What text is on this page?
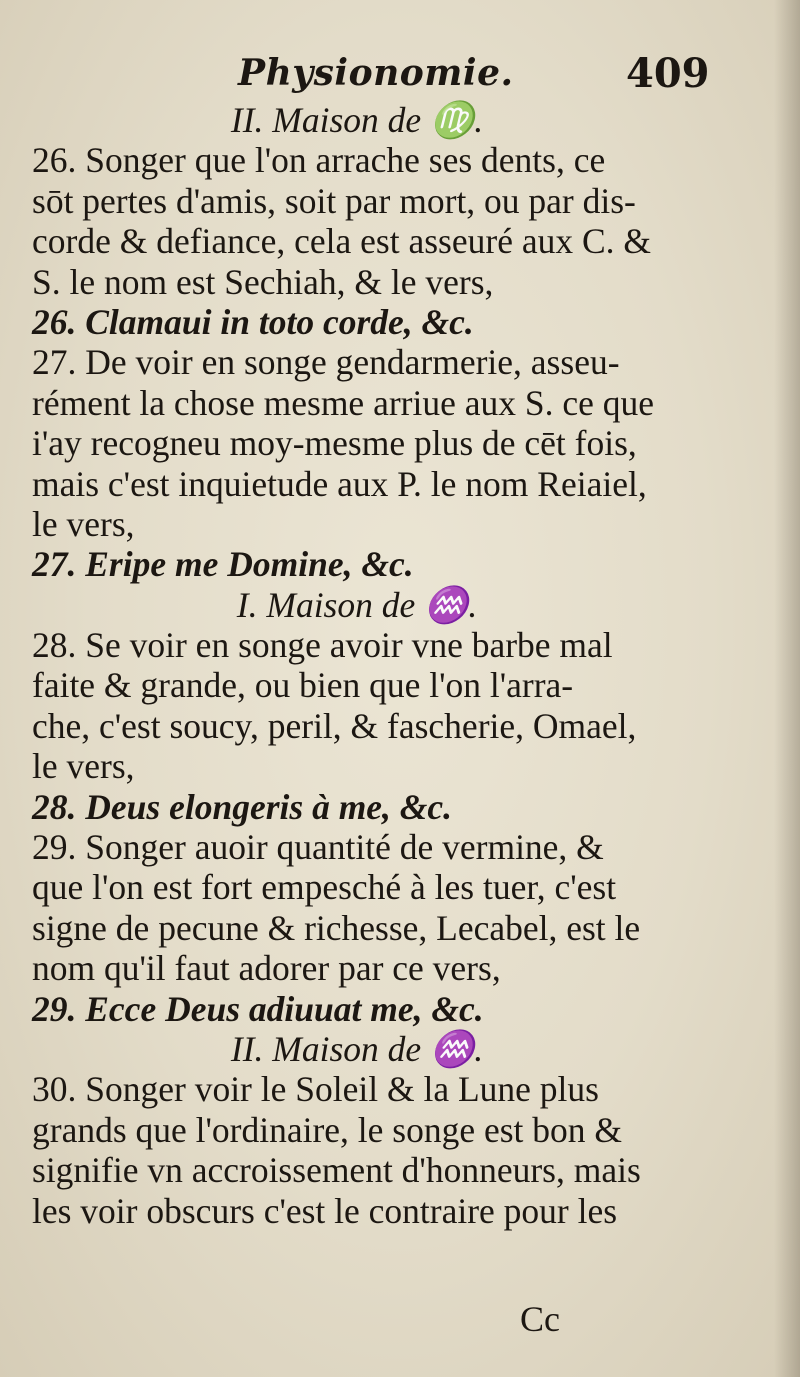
Physionomie.	409
II. Maison de ♍.
26. Songer que l'on arrache ses dents, ce
sōt pertes d'amis, soit par mort, ou par dis-
corde & defiance, cela est asseuré aux C. &
S. le nom est Sechiah, & le vers,
26. Clamaui in toto corde, &c.
27. De voir en songe gendarmerie, asseu-
rément la chose mesme arriue aux S. ce que
i'ay recogneu moy-mesme plus de cēt fois,
mais c'est inquietude aux P. le nom Reiaiel,
le vers,
27. Eripe me Domine, &c.
I. Maison de ♒.
28. Se voir en songe avoir vne barbe mal
faite & grande, ou bien que l'on l'arra-
che, c'est soucy, peril, & fascherie, Omael,
le vers,
28. Deus elongeris à me, &c.
29. Songer auoir quantité de vermine, &
que l'on est fort empesché à les tuer, c'est
signe de pecune & richesse, Lecabel, est le
nom qu'il faut adorer par ce vers,
29. Ecce Deus adiuuat me, &c.
II. Maison de ♒.
30. Songer voir le Soleil & la Lune plus
grands que l'ordinaire, le songe est bon &
signifie vn accroissement d'honneurs, mais
les voir obscurs c'est le contraire pour les
Cc
